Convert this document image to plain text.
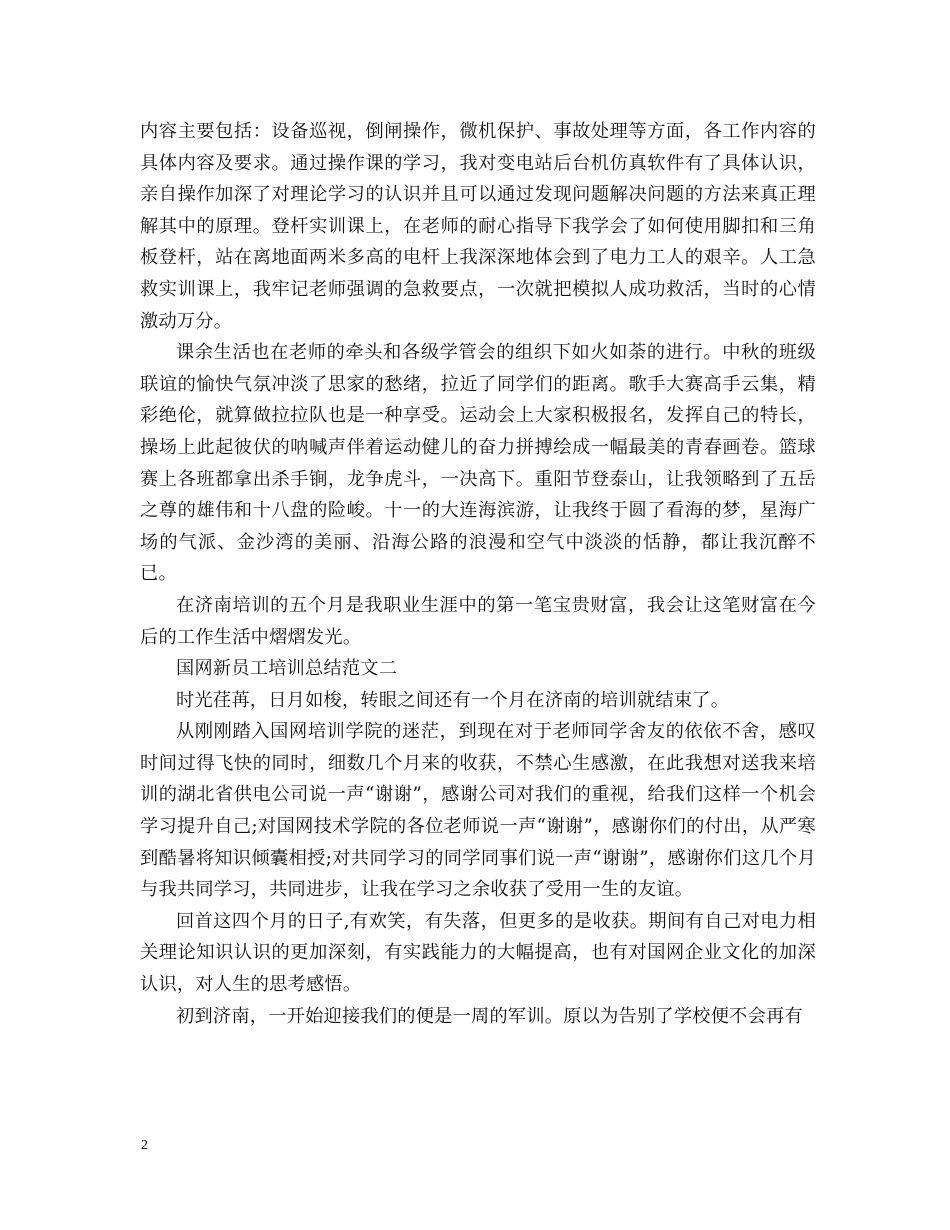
内容主要包括：设备巡视，倒闸操作，微机保护、事故处理等方面，各工作内容的具体内容及要求。通过操作课的学习，我对变电站后台机仿真软件有了具体认识，亲自操作加深了对理论学习的认识并且可以通过发现问题解决问题的方法来真正理解其中的原理。登杆实训课上，在老师的耐心指导下我学会了如何使用脚扣和三角板登杆，站在离地面两米多高的电杆上我深深地体会到了电力工人的艰辛。人工急救实训课上，我牢记老师强调的急救要点，一次就把模拟人成功救活，当时的心情激动万分。

课余生活也在老师的牵头和各级学管会的组织下如火如荼的进行。中秋的班级联谊的愉快气氛冲淡了思家的愁绪，拉近了同学们的距离。歌手大赛高手云集，精彩绝伦，就算做拉拉队也是一种享受。运动会上大家积极报名，发挥自己的特长，操场上此起彼伏的呐喊声伴着运动健儿的奋力拼搏绘成一幅最美的青春画卷。篮球赛上各班都拿出杀手锏，龙争虎斗，一决高下。重阳节登泰山，让我领略到了五岳之尊的雄伟和十八盘的险峻。十一的大连海滨游，让我终于圆了看海的梦，星海广场的气派、金沙湾的美丽、沿海公路的浪漫和空气中淡淡的恬静，都让我沉醉不已。

在济南培训的五个月是我职业生涯中的第一笔宝贵财富，我会让这笔财富在今后的工作生活中熠熠发光。

国网新员工培训总结范文二

时光荏苒，日月如梭，转眼之间还有一个月在济南的培训就结束了。

从刚刚踏入国网培训学院的迷茫，到现在对于老师同学舍友的依依不舍，感叹时间过得飞快的同时，细数几个月来的收获，不禁心生感激，在此我想对送我来培训的湖北省供电公司说一声“谢谢”，感谢公司对我们的重视，给我们这样一个机会学习提升自己;对国网技术学院的各位老师说一声“谢谢”，感谢你们的付出，从严寒到酷暑将知识倾囊相授;对共同学习的同学同事们说一声“谢谢”，感谢你们这几个月与我共同学习，共同进步，让我在学习之余收获了受用一生的友谊。

回首这四个月的日子,有欢笑，有失落，但更多的是收获。期间有自己对电力相关理论知识认识的更加深刻，有实践能力的大幅提高，也有对国网企业文化的加深认识，对人生的思考感悟。

初到济南，一开始迎接我们的便是一周的军训。原以为告别了学校便不会再有

2
